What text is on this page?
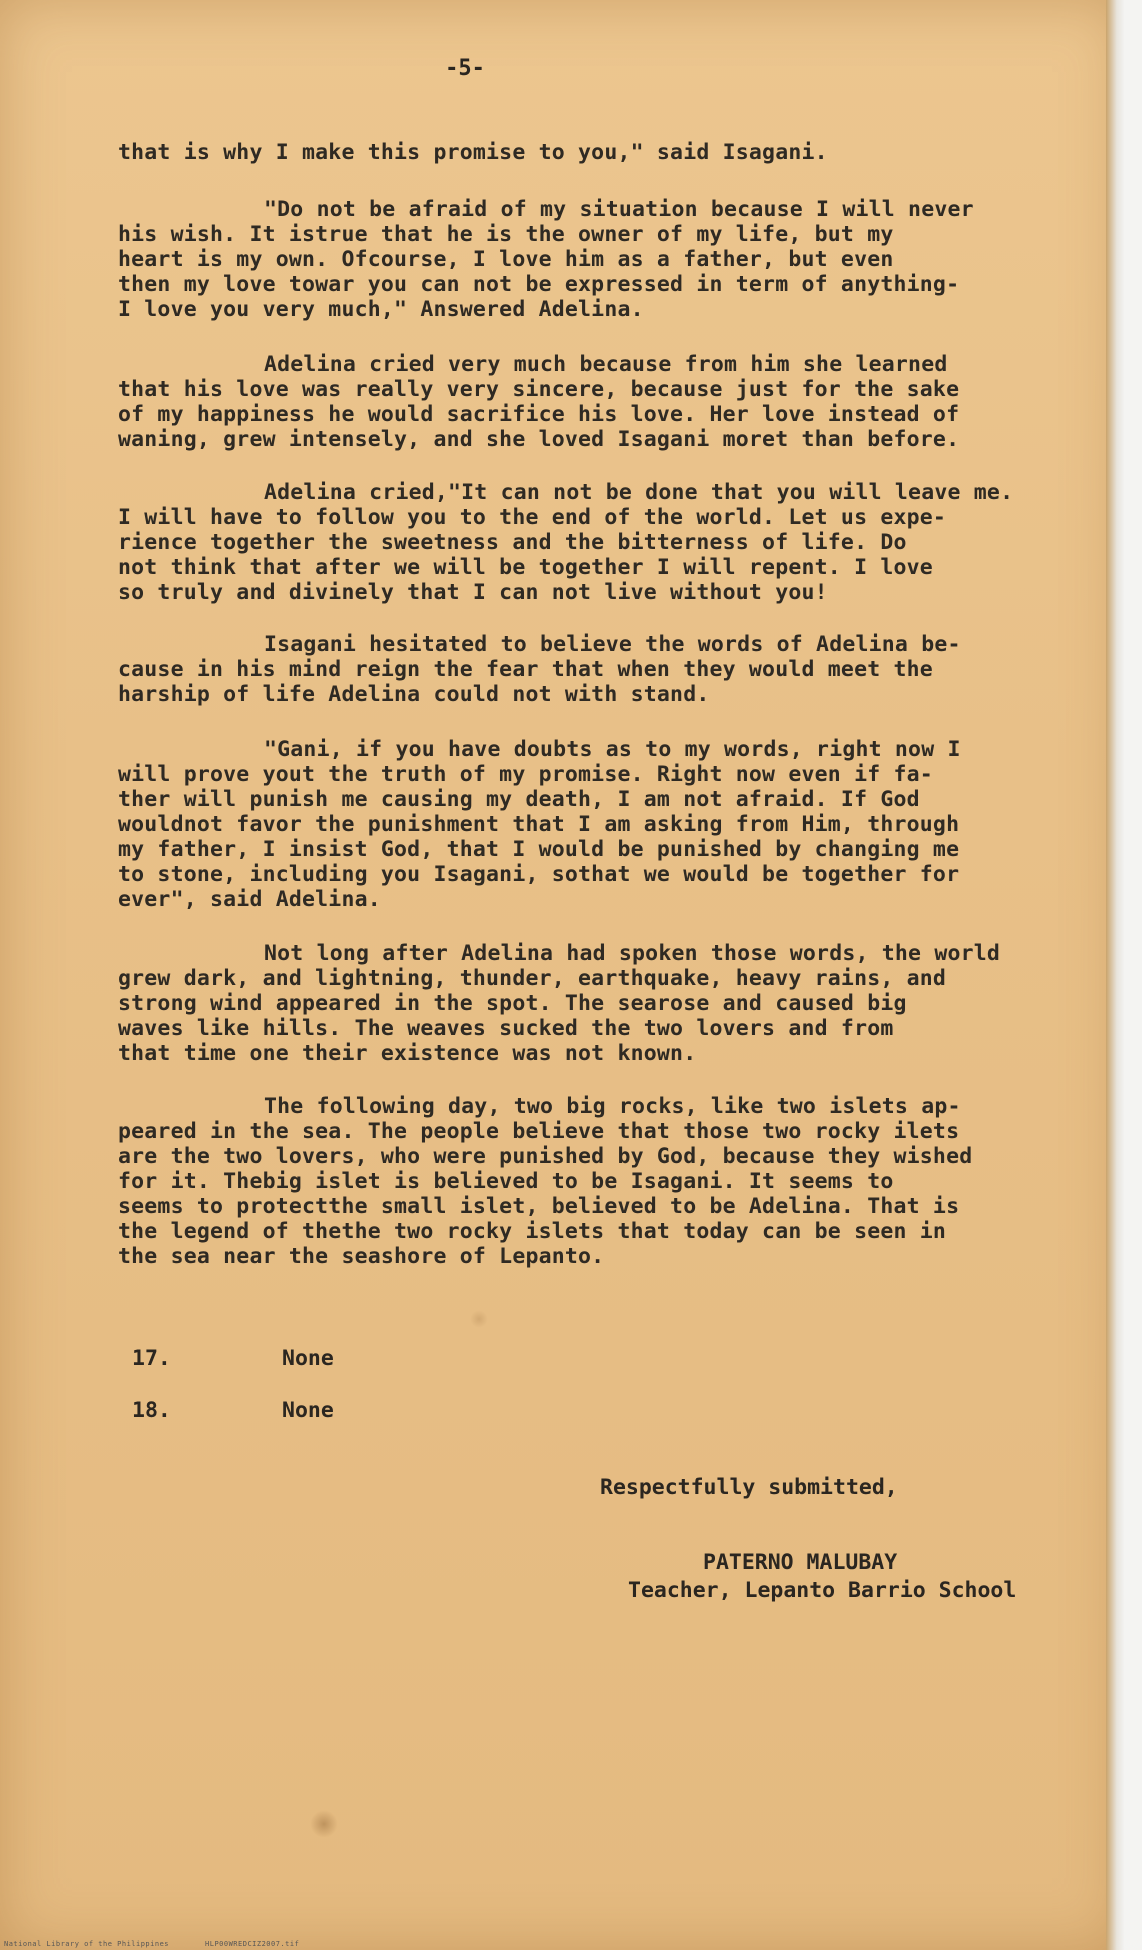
-5-

that is why I make this promise to you," said Isagani.

"Do not be afraid of my situation because I will never

his wish. It istrue that he is the owner of my life, but my

heart is my own. Ofcourse, I love him as a father, but even

then my love towar you can not be expressed in term of anything-

I love you very much," Answered Adelina.

Adelina cried very much because from him she learned

that his love was really very sincere, because just for the sake

of my happiness he would sacrifice his love. Her love instead of

waning, grew intensely, and she loved Isagani moret than before.

Adelina cried,"It can not be done that you will leave me.

I will have to follow you to the end of the world. Let us expe-

rience together the sweetness and the bitterness of life. Do

not think that after we will be together I will repent. I love

so truly and divinely that I can not live without you!

Isagani hesitated to believe the words of Adelina be-

cause in his mind reign the fear that when they would meet the

harship of life Adelina could not with stand.

"Gani, if you have doubts as to my words, right now I

will prove yout the truth of my promise. Right now even if fa-

ther will punish me causing my death, I am not afraid. If God

wouldnot favor the punishment that I am asking from Him, through

my father, I insist God, that I would be punished by changing me

to stone, including you Isagani, sothat we would be together for

ever", said Adelina.

Not long after Adelina had spoken those words, the world

grew dark, and lightning, thunder, earthquake, heavy rains, and

strong wind appeared in the spot. The searose and caused big

waves like hills. The weaves sucked the two lovers and from

that time one their existence was not known.

The following day, two big rocks, like two islets ap-

peared in the sea. The people believe that those two rocky ilets

are the two lovers, who were punished by God, because they wished

for it. Thebig islet is believed to be Isagani. It seems to

seems to protectthe small islet, believed to be Adelina. That is

the legend of thethe two rocky islets that today can be seen in

the sea near the seashore of Lepanto.

17.	None
18.	None
Respectfully submitted,
PATERNO MALUBAY
Teacher, Lepanto Barrio School
National Library of the Philippines	HLP00WREDCIZ2007.tif
